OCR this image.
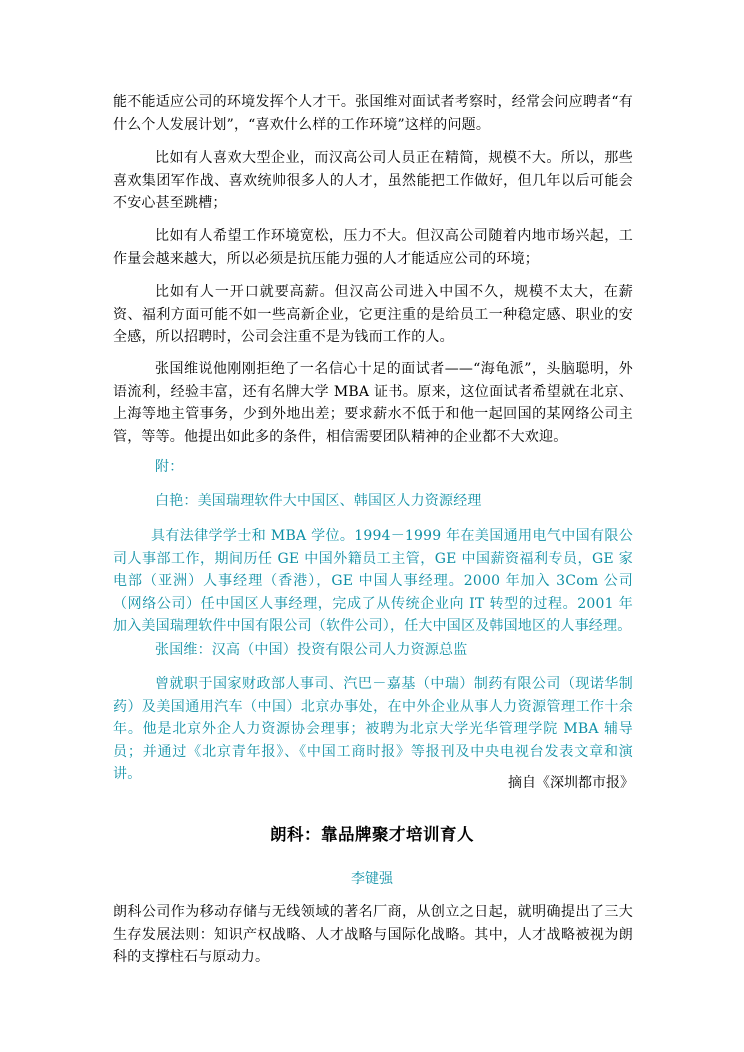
能不能适应公司的环境发挥个人才干。张国维对面试者考察时，经常会问应聘者“有什么个人发展计划”，“喜欢什么样的工作环境”这样的问题。

比如有人喜欢大型企业，而汉高公司人员正在精简，规模不大。所以，那些喜欢集团军作战、喜欢统帅很多人的人才，虽然能把工作做好，但几年以后可能会不安心甚至跳槽；

比如有人希望工作环境宽松，压力不大。但汉高公司随着内地市场兴起，工作量会越来越大，所以必须是抗压能力强的人才能适应公司的环境；

比如有人一开口就要高薪。但汉高公司进入中国不久，规模不太大，在薪资、福利方面可能不如一些高新企业，它更注重的是给员工一种稳定感、职业的安全感，所以招聘时，公司会注重不是为钱而工作的人。

张国维说他刚刚拒绝了一名信心十足的面试者——“海龟派”，头脑聪明，外语流利，经验丰富，还有名牌大学 MBA 证书。原来，这位面试者希望就在北京、上海等地主管事务，少到外地出差；要求薪水不低于和他一起回国的某网络公司主管，等等。他提出如此多的条件，相信需要团队精神的企业都不大欢迎。

附：

白艳：美国瑞理软件大中国区、韩国区人力资源经理

具有法律学学士和 MBA 学位。1994－1999 年在美国通用电气中国有限公司人事部工作，期间历任 GE 中国外籍员工主管，GE 中国薪资福利专员，GE 家电部（亚洲）人事经理（香港），GE 中国人事经理。2000 年加入 3Com 公司（网络公司）任中国区人事经理，完成了从传统企业向 IT 转型的过程。2001 年加入美国瑞理软件中国有限公司（软件公司），任大中国区及韩国地区的人事经理。

张国维：汉高（中国）投资有限公司人力资源总监

曾就职于国家财政部人事司、汽巴－嘉基（中瑞）制药有限公司（现诺华制药）及美国通用汽车（中国）北京办事处，在中外企业从事人力资源管理工作十余年。他是北京外企人力资源协会理事；被聘为北京大学光华管理学院 MBA 辅导员；并通过《北京青年报》、《中国工商时报》等报刊及中央电视台发表文章和演讲。

摘自《深圳都市报》
朗科：靠品牌聚才培训育人
李键强

朗科公司作为移动存储与无线领域的著名厂商，从创立之日起，就明确提出了三大生存发展法则：知识产权战略、人才战略与国际化战略。其中，人才战略被视为朗科的支撑柱石与原动力。
